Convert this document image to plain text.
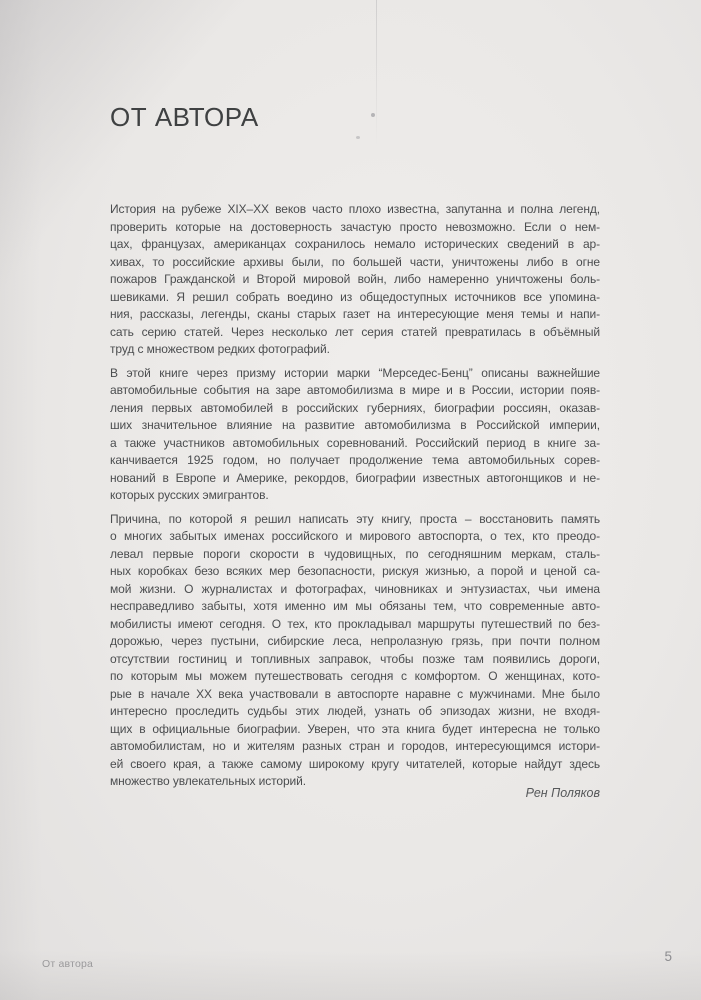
ОТ АВТОРА
История на рубеже XIX–XX веков часто плохо известна, запутанна и полна легенд,
проверить которые на достоверность зачастую просто невозможно. Если о нем-
цах, французах, американцах сохранилось немало исторических сведений в ар-
хивах, то российские архивы были, по большей части, уничтожены либо в огне
пожаров Гражданской и Второй мировой войн, либо намеренно уничтожены боль-
шевиками. Я решил собрать воедино из общедоступных источников все упомина-
ния, рассказы, легенды, сканы старых газет на интересующие меня темы и напи-
сать серию статей. Через несколько лет серия статей превратилась в объёмный
труд с множеством редких фотографий.
В этой книге через призму истории марки “Мерседес-Бенц” описаны важнейшие
автомобильные события на заре автомобилизма в мире и в России, истории появ-
ления первых автомобилей в российских губерниях, биографии россиян, оказав-
ших значительное влияние на развитие автомобилизма в Российской империи,
а также участников автомобильных соревнований. Российский период в книге за-
канчивается 1925 годом, но получает продолжение тема автомобильных сорев-
нований в Европе и Америке, рекордов, биографии известных автогонщиков и не-
которых русских эмигрантов.
Причина, по которой я решил написать эту книгу, проста – восстановить память
о многих забытых именах российского и мирового автоспорта, о тех, кто преодо-
левал первые пороги скорости в чудовищных, по сегодняшним меркам, сталь-
ных коробках безо всяких мер безопасности, рискуя жизнью, а порой и ценой са-
мой жизни. О журналистах и фотографах, чиновниках и энтузиастах, чьи имена
несправедливо забыты, хотя именно им мы обязаны тем, что современные авто-
мобилисты имеют сегодня. О тех, кто прокладывал маршруты путешествий по без-
дорожью, через пустыни, сибирские леса, непролазную грязь, при почти полном
отсутствии гостиниц и топливных заправок, чтобы позже там появились дороги,
по которым мы можем путешествовать сегодня с комфортом. О женщинах, кото-
рые в начале XX века участвовали в автоспорте наравне с мужчинами. Мне было
интересно проследить судьбы этих людей, узнать об эпизодах жизни, не входя-
щих в официальные биографии. Уверен, что эта книга будет интересна не только
автомобилистам, но и жителям разных стран и городов, интересующимся истори-
ей своего края, а также самому широкому кругу читателей, которые найдут здесь
множество увлекательных историй.
Рен Поляков
От автора	5
